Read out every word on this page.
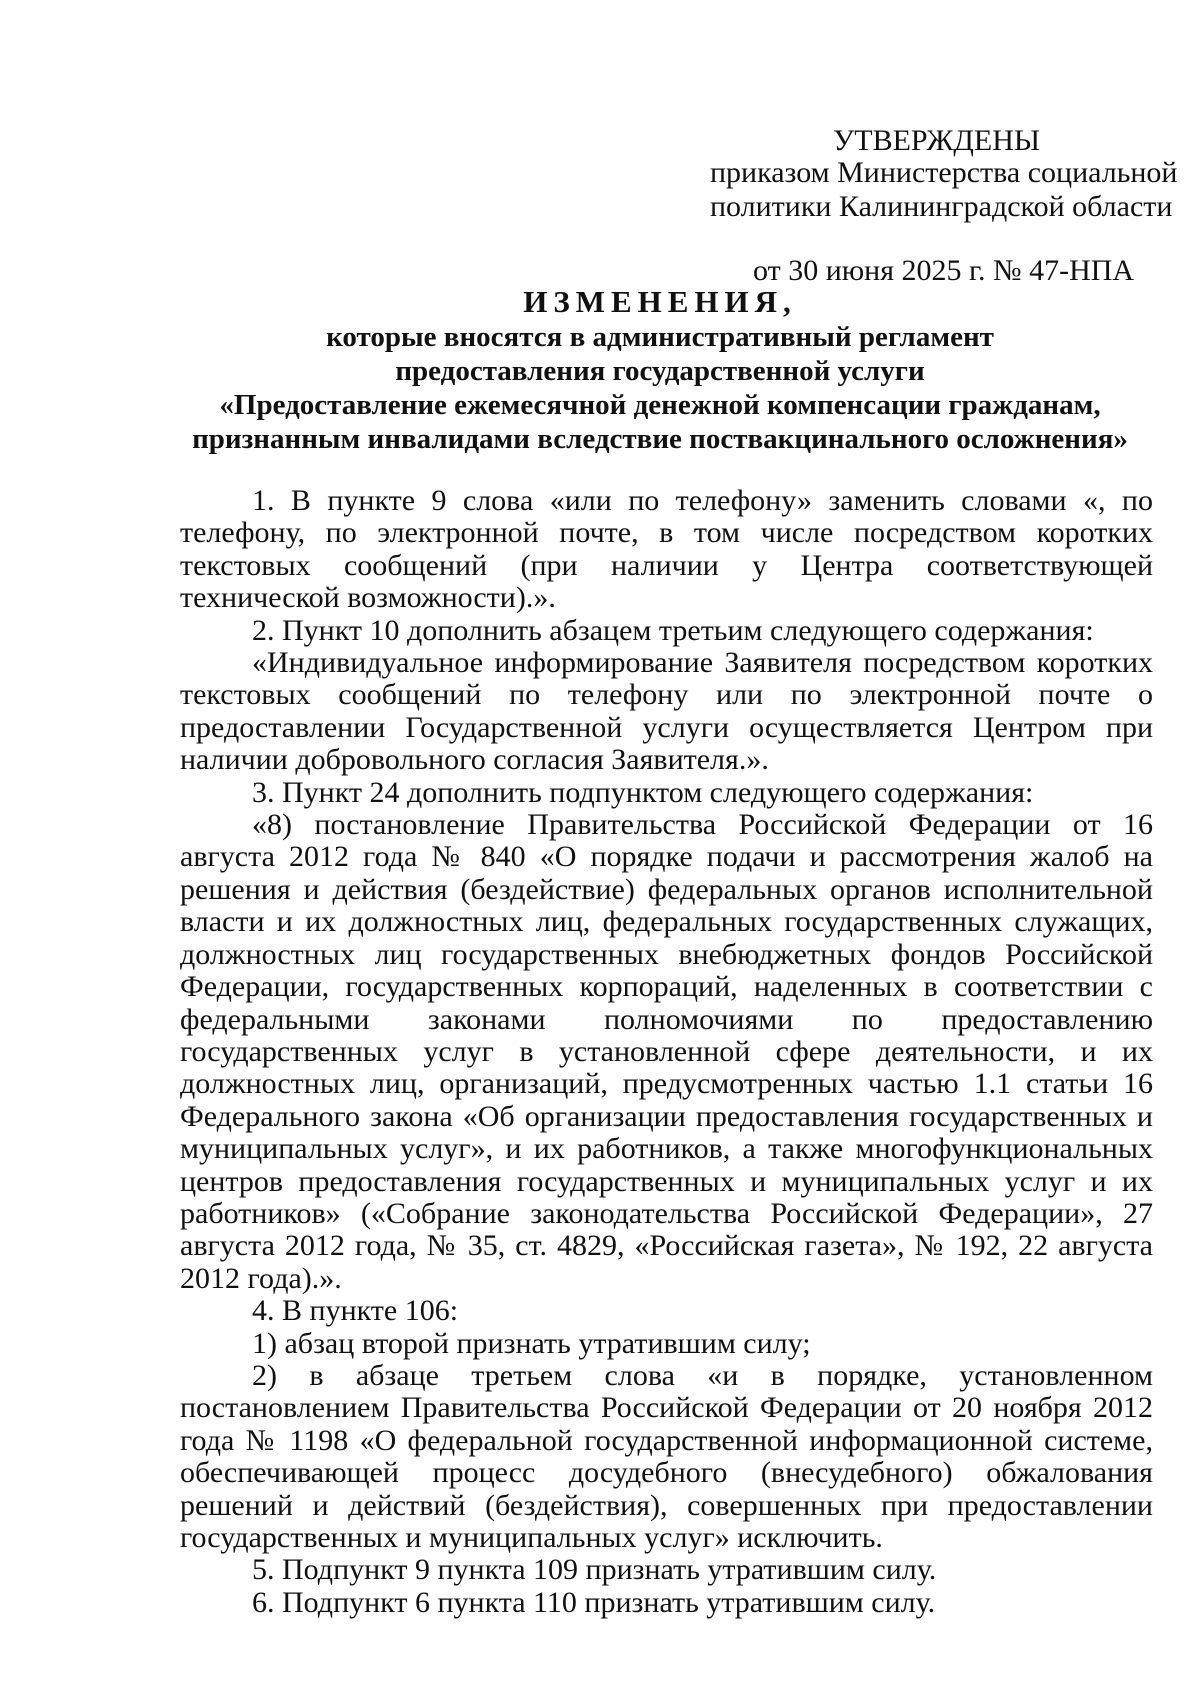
УТВЕРЖДЕНЫ
приказом Министерства социальной
политики Калининградской области
от 30 июня 2025 г. № 47-НПА
ИЗМЕНЕНИЯ,
которые вносятся в административный регламент
предоставления государственной услуги
«Предоставление ежемесячной денежной компенсации гражданам,
признанным инвалидами вследствие поствакцинального осложнения»

1. В пункте 9 слова «или по телефону» заменить словами «, по телефону, по электронной почте, в том числе посредством коротких текстовых сообщений (при наличии у Центра соответствующей технической возможности).».

2. Пункт 10 дополнить абзацем третьим следующего содержания:

«Индивидуальное информирование Заявителя посредством коротких текстовых сообщений по телефону или по электронной почте о предоставлении Государственной услуги осуществляется Центром при наличии добровольного согласия Заявителя.».

3. Пункт 24 дополнить подпунктом следующего содержания:

«8) постановление Правительства Российской Федерации от 16 августа 2012 года № 840 «О порядке подачи и рассмотрения жалоб на решения и действия (бездействие) федеральных органов исполнительной власти и их должностных лиц, федеральных государственных служащих, должностных лиц государственных внебюджетных фондов Российской Федерации, государственных корпораций, наделенных в соответствии с федеральными законами полномочиями по предоставлению государственных услуг в установленной сфере деятельности, и их должностных лиц, организаций, предусмотренных частью 1.1 статьи 16 Федерального закона «Об организации предоставления государственных и муниципальных услуг», и их работников, а также многофункциональных центров предоставления государственных и муниципальных услуг и их работников» («Собрание законодательства Российской Федерации», 27 августа 2012 года, № 35, ст. 4829, «Российская газета», № 192, 22 августа 2012 года).».

4. В пункте 106:

1) абзац второй признать утратившим силу;

2) в абзаце третьем слова «и в порядке, установленном постановлением Правительства Российской Федерации от 20 ноября 2012 года № 1198 «О федеральной государственной информационной системе, обеспечивающей процесс досудебного (внесудебного) обжалования решений и действий (бездействия), совершенных при предоставлении государственных и муниципальных услуг» исключить.

5. Подпункт 9 пункта 109 признать утратившим силу.

6. Подпункт 6 пункта 110 признать утратившим силу.
